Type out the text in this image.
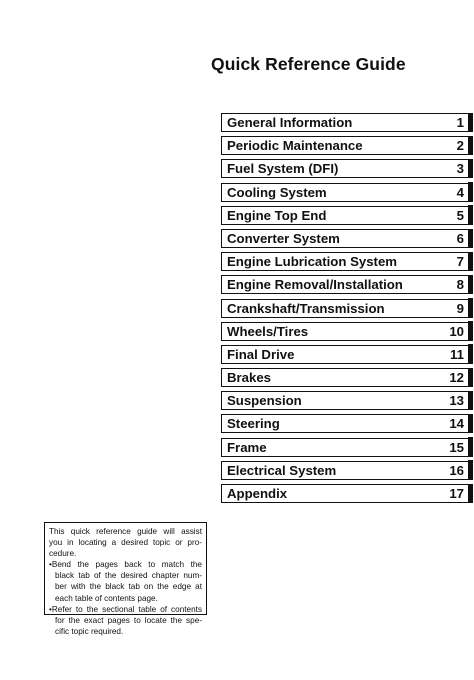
Quick Reference Guide
General Information	1
Periodic Maintenance	2
Fuel System (DFI)	3
Cooling System	4
Engine Top End	5
Converter System	6
Engine Lubrication System	7
Engine Removal/Installation	8
Crankshaft/Transmission	9
Wheels/Tires	10
Final Drive	11
Brakes	12
Suspension	13
Steering	14
Frame	15
Electrical System	16
Appendix	17
This quick reference guide will assist
you in locating a desired topic or pro-
cedure.
•Bend the pages back to match the
black tab of the desired chapter num-
ber with the black tab on the edge at
each table of contents page.
•Refer to the sectional table of contents
for the exact pages to locate the spe-
cific topic required.
